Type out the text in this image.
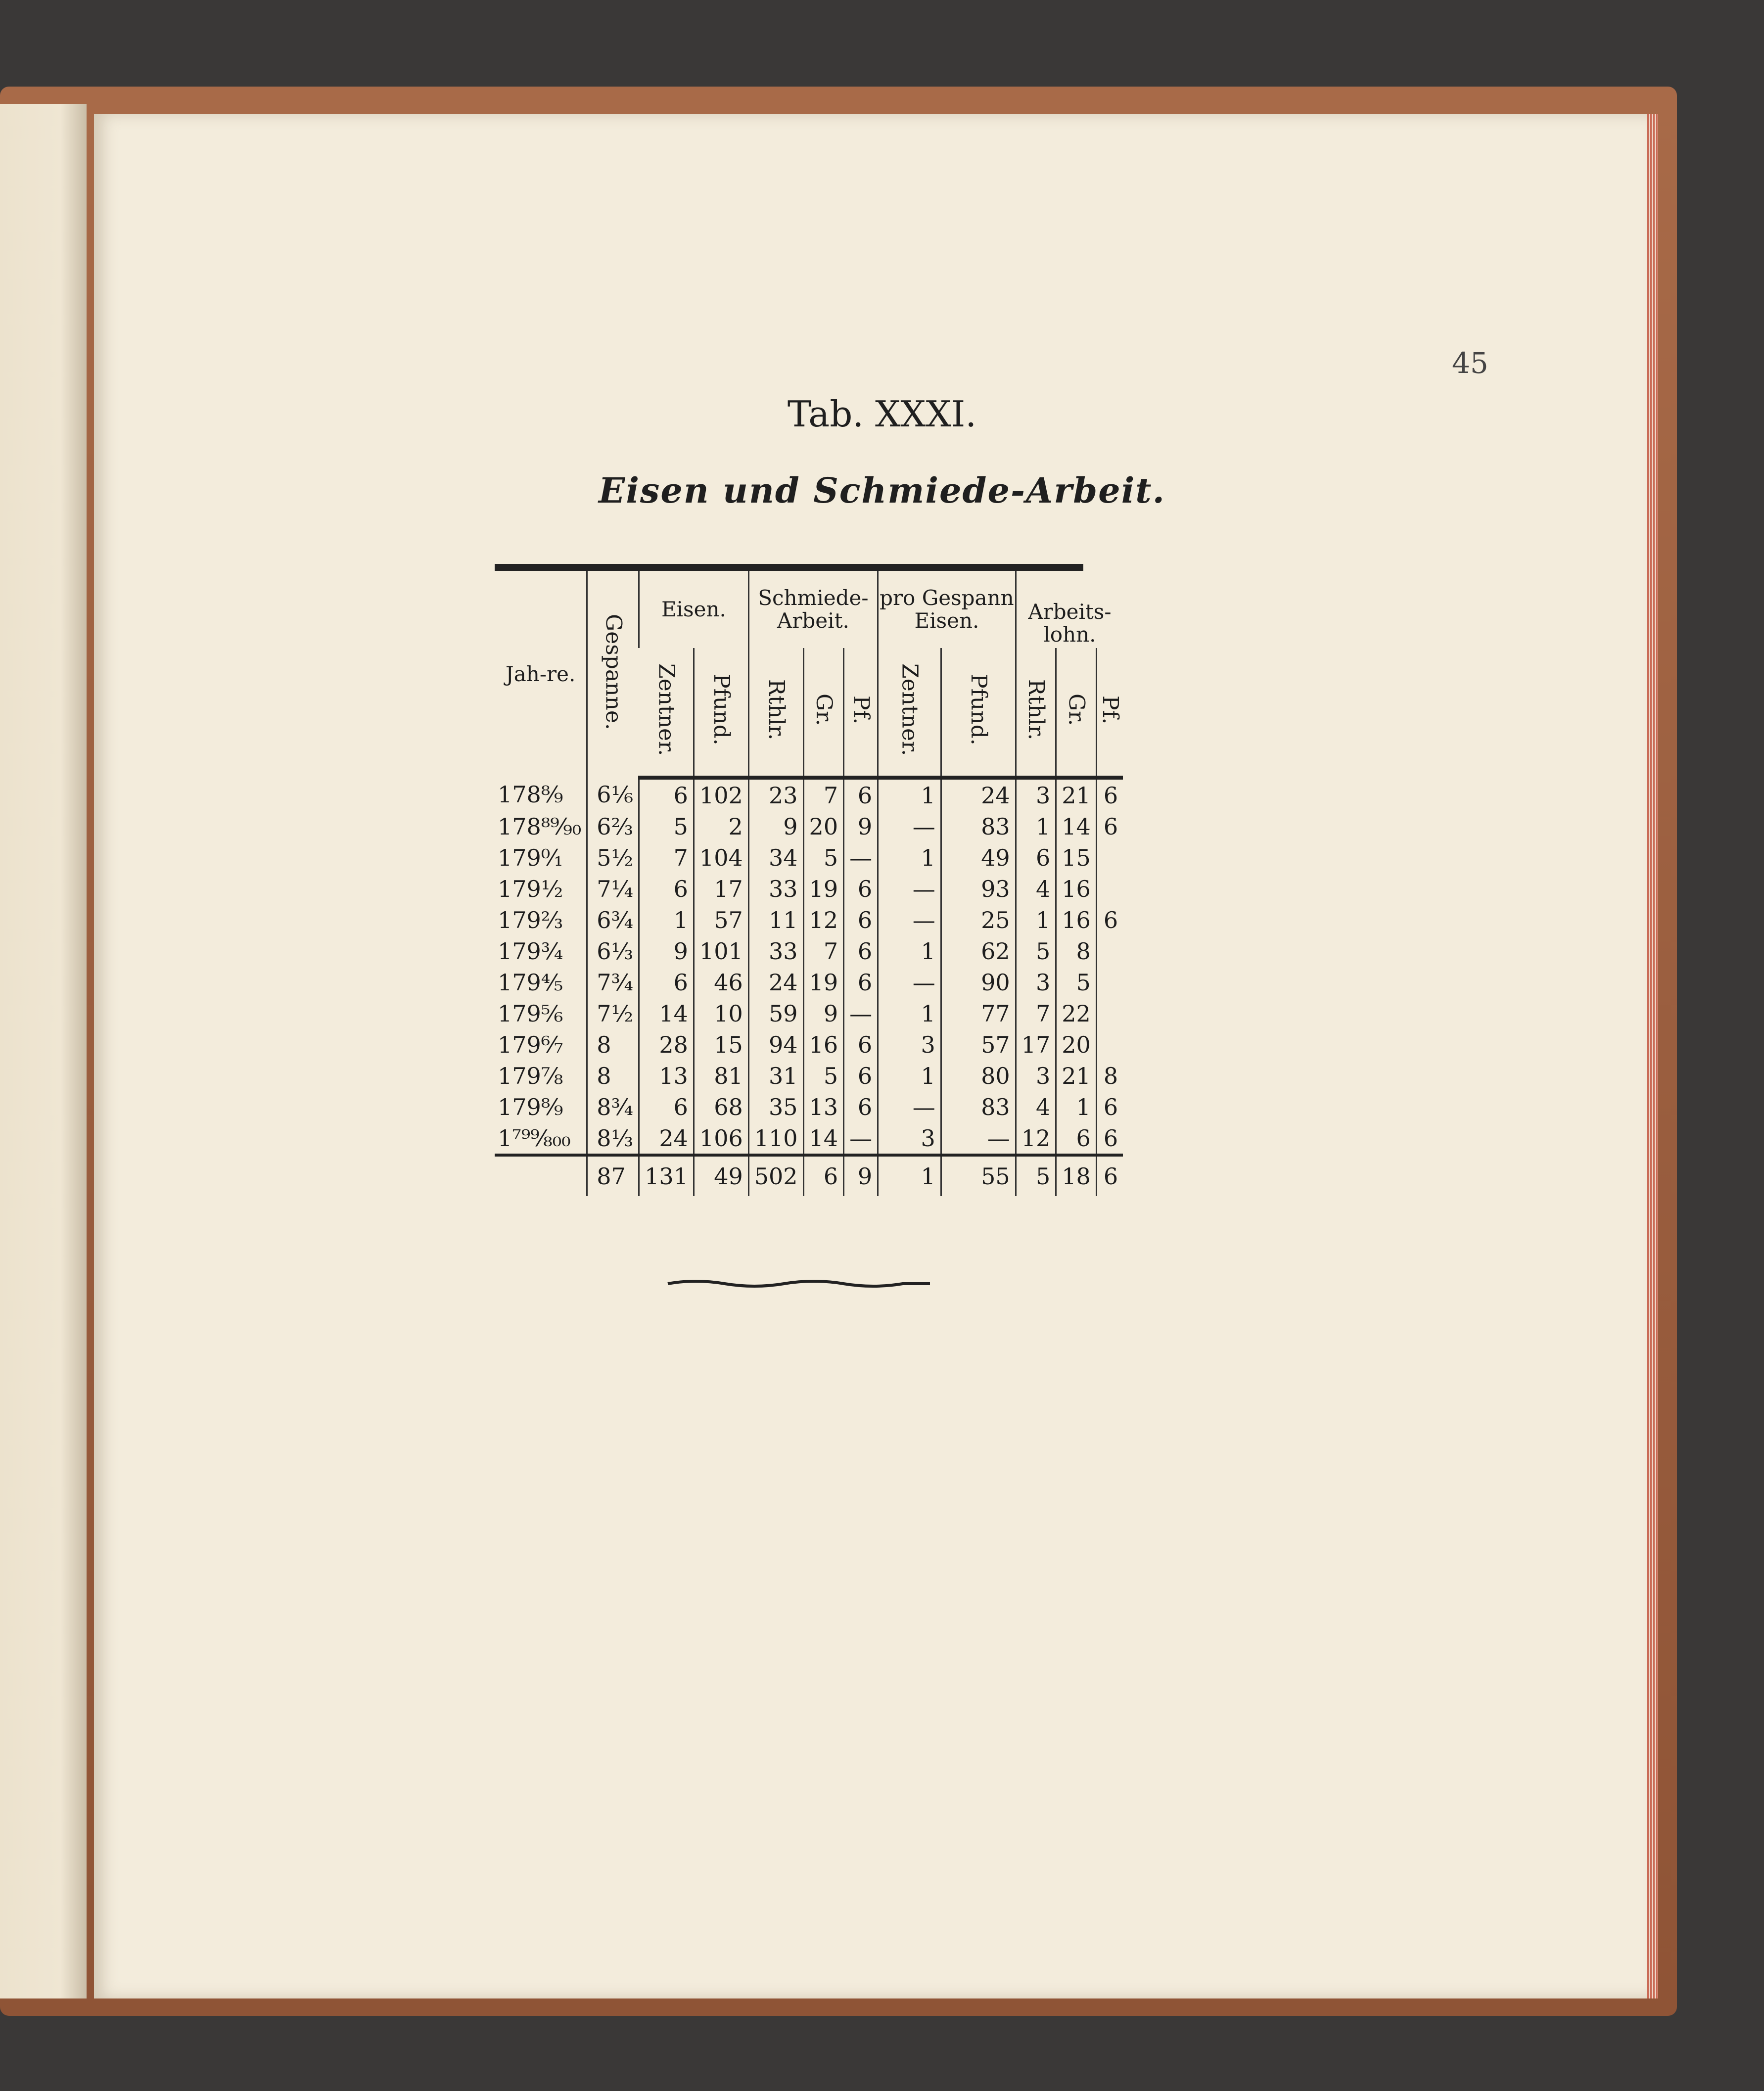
45
Tab. XXXI.
Eisen und Schmiede-Arbeit.
Jah-re.	Gespanne.	Eisen.		Schmiede-Arbeit.			pro Gespann
Eisen.		Arbeits-lohn.		
		Zentner.	Pfund.	Rthlr.	Gr.	Pf.	Zentner.	Pfund.	Rthlr.	Gr.	Pf.
178⁸⁄₉	6⅙	6	102	23	7	6	1	24	3	21	6
178⁸⁹⁄₉₀	6⅔	5	2	9	20	9	—	83	1	14	6
179⁰⁄₁	5½	7	104	34	5	—	1	49	6	15	
179½	7¼	6	17	33	19	6	—	93	4	16	
179⅔	6¾	1	57	11	12	6	—	25	1	16	6
179¾	6⅓	9	101	33	7	6	1	62	5	8	
179⅘	7¾	6	46	24	19	6	—	90	3	5	
179⅚	7½	14	10	59	9	—	1	77	7	22	
179⁶⁄₇	8	28	15	94	16	6	3	57	17	20	
179⅞	8	13	81	31	5	6	1	80	3	21	8
179⁸⁄₉	8¾	6	68	35	13	6	—	83	4	1	6
1⁷⁹⁹⁄₈₀₀	8⅓	24	106	110	14	—	3	—	12	6	6
	87	131	49	502	6	9	1	55	5	18	6
